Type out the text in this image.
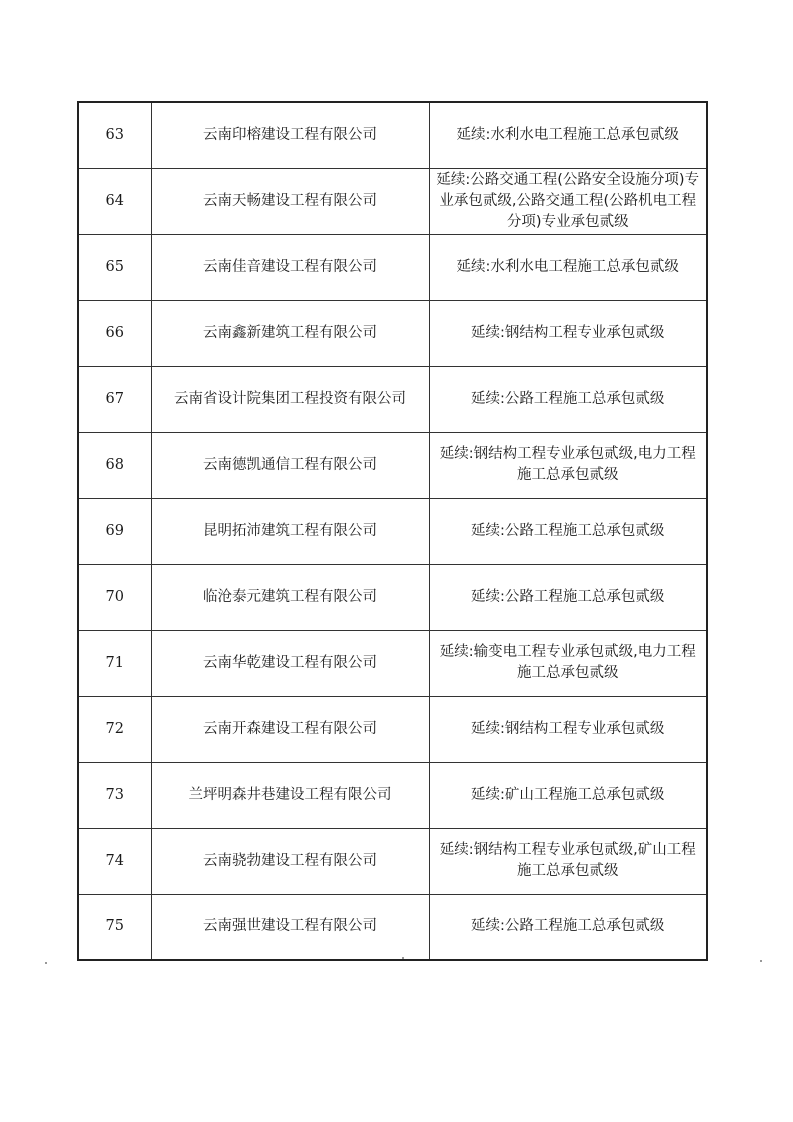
63	云南印榕建设工程有限公司	延续:水利水电工程施工总承包贰级
64	云南天畅建设工程有限公司	延续:公路交通工程(公路安全设施分项)专业承包贰级,公路交通工程(公路机电工程分项)专业承包贰级
65	云南佳音建设工程有限公司	延续:水利水电工程施工总承包贰级
66	云南鑫新建筑工程有限公司	延续:钢结构工程专业承包贰级
67	云南省设计院集团工程投资有限公司	延续:公路工程施工总承包贰级
68	云南德凯通信工程有限公司	延续:钢结构工程专业承包贰级,电力工程施工总承包贰级
69	昆明拓沛建筑工程有限公司	延续:公路工程施工总承包贰级
70	临沧泰元建筑工程有限公司	延续:公路工程施工总承包贰级
71	云南华乾建设工程有限公司	延续:输变电工程专业承包贰级,电力工程施工总承包贰级
72	云南开森建设工程有限公司	延续:钢结构工程专业承包贰级
73	兰坪明森井巷建设工程有限公司	延续:矿山工程施工总承包贰级
74	云南骁勃建设工程有限公司	延续:钢结构工程专业承包贰级,矿山工程施工总承包贰级
75	云南强世建设工程有限公司	延续:公路工程施工总承包贰级
